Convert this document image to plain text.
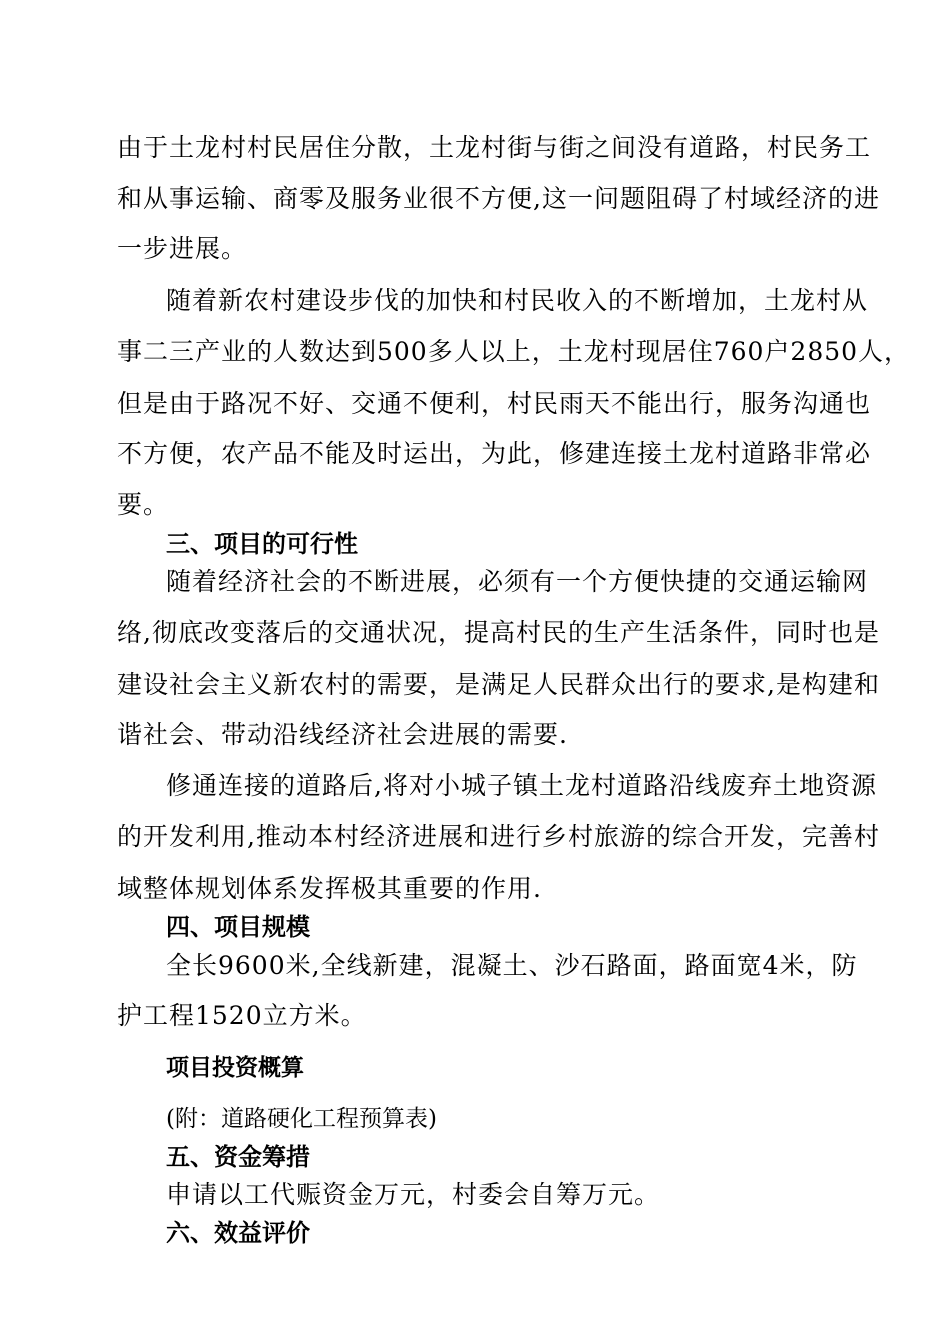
由于土龙村村民居住分散，土龙村街与街之间没有道路，村民务工
和从事运输、商零及服务业很不方便,这一问题阻碍了村域经济的进
一步进展。
随着新农村建设步伐的加快和村民收入的不断增加，土龙村从
事二三产业的人数达到500多人以上，土龙村现居住760户2850人，
但是由于路况不好、交通不便利，村民雨天不能出行，服务沟通也
不方便，农产品不能及时运出，为此，修建连接土龙村道路非常必
要。
三、项目的可行性
随着经济社会的不断进展，必须有一个方便快捷的交通运输网
络,彻底改变落后的交通状况，提高村民的生产生活条件，同时也是
建设社会主义新农村的需要，是满足人民群众出行的要求,是构建和
谐社会、带动沿线经济社会进展的需要.
修通连接的道路后,将对小城子镇土龙村道路沿线废弃土地资源
的开发利用,推动本村经济进展和进行乡村旅游的综合开发，完善村
域整体规划体系发挥极其重要的作用.
四、项目规模
全长9600米,全线新建，混凝土、沙石路面，路面宽4米，防
护工程1520立方米。
项目投资概算
(附：道路硬化工程预算表)
五、资金筹措
申请以工代赈资金万元，村委会自筹万元。
六、效益评价
